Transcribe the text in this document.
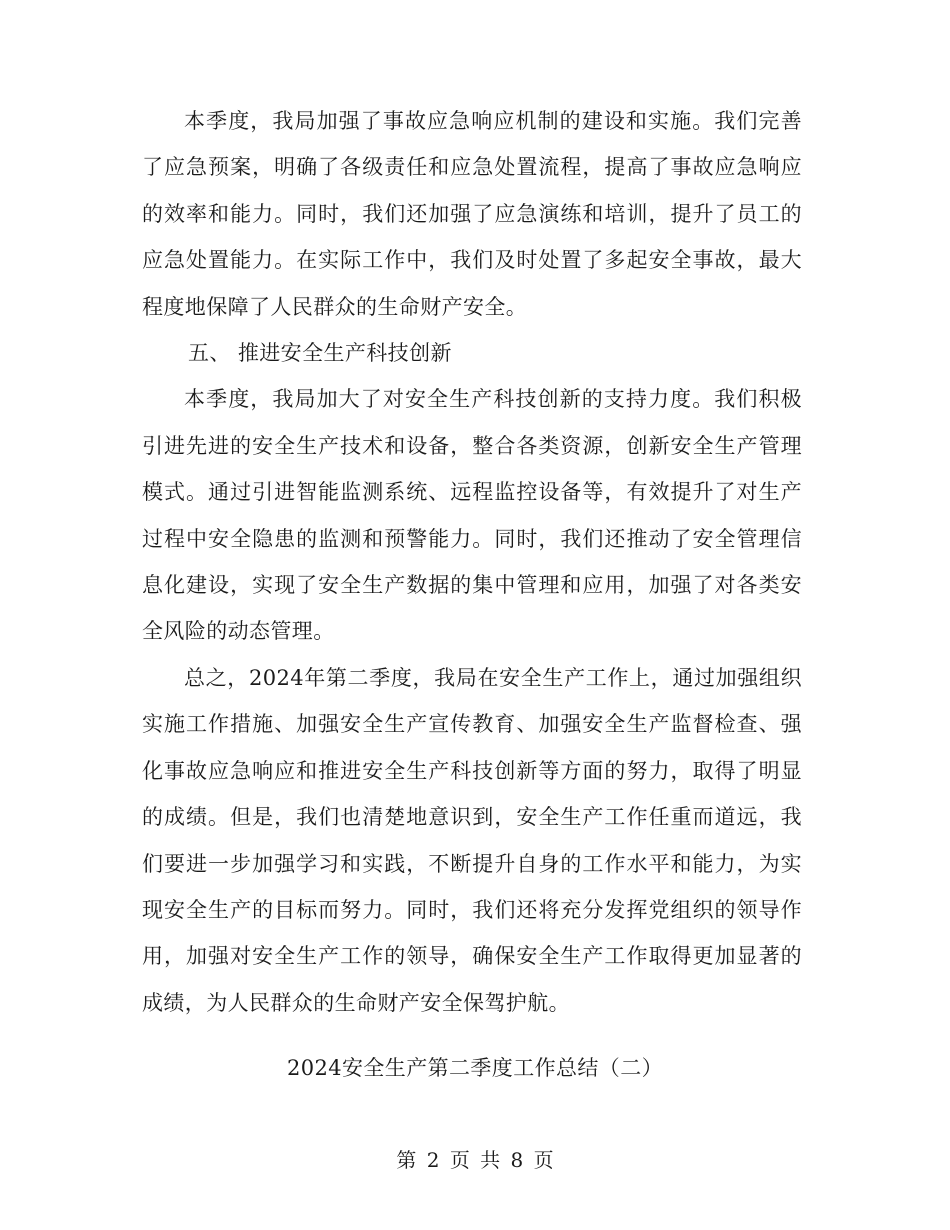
本季度，我局加强了事故应急响应机制的建设和实施。我们完善了应急预案，明确了各级责任和应急处置流程，提高了事故应急响应的效率和能力。同时，我们还加强了应急演练和培训，提升了员工的应急处置能力。在实际工作中，我们及时处置了多起安全事故，最大程度地保障了人民群众的生命财产安全。

五、 推进安全生产科技创新

本季度，我局加大了对安全生产科技创新的支持力度。我们积极引进先进的安全生产技术和设备，整合各类资源，创新安全生产管理模式。通过引进智能监测系统、远程监控设备等，有效提升了对生产过程中安全隐患的监测和预警能力。同时，我们还推动了安全管理信息化建设，实现了安全生产数据的集中管理和应用，加强了对各类安全风险的动态管理。

总之，2024年第二季度，我局在安全生产工作上，通过加强组织实施工作措施、加强安全生产宣传教育、加强安全生产监督检查、强化事故应急响应和推进安全生产科技创新等方面的努力，取得了明显的成绩。但是，我们也清楚地意识到，安全生产工作任重而道远，我们要进一步加强学习和实践，不断提升自身的工作水平和能力，为实现安全生产的目标而努力。同时，我们还将充分发挥党组织的领导作用，加强对安全生产工作的领导，确保安全生产工作取得更加显著的成绩，为人民群众的生命财产安全保驾护航。

2024安全生产第二季度工作总结（二）
第 2 页 共 8 页
